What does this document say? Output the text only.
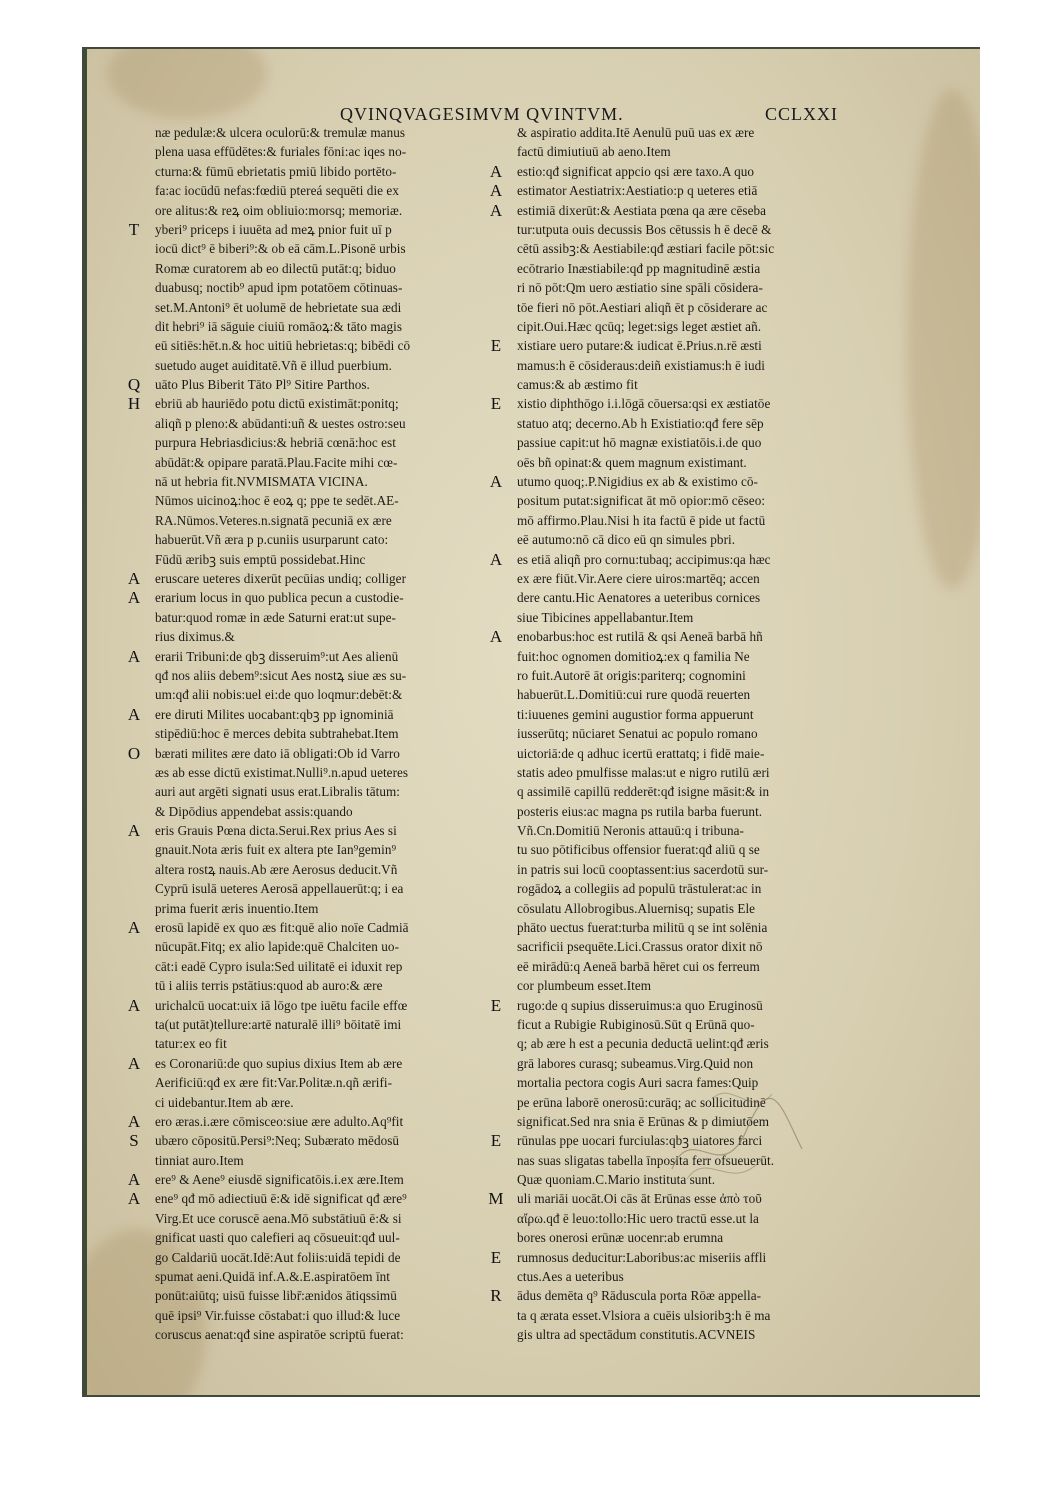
QVINQVAGESIMVM QVINTVM.	CCLXXI
næ pedulæ:& ulcera oculorū:& tremulæ manus
plena uasa effūdētes:& furiales fōni:ac iqes no-
cturna:& fūmū ebrietatis pmiū libido portēto-
fa:ac iocūdū nefas:fœdiū ptereá sequēti die ex
ore alitus:& reꝝ oim obliuio:morsq; memoriæ.
T	yberi⁹ priceps i iuuēta ad meꝝ pnior fuit uī p
iocū dict⁹ ē biberi⁹:& ob eā cām.L.Pisonē urbis
Romæ curatorem ab eo dilectū putāt:q; biduo
duabusq; noctib⁹ apud ipm potatōem cōtinuas-
set.M.Antoni⁹ ēt uolumē de hebrietate sua ædi
dit hebri⁹ iā sāguie ciuiū romāoꝝ:& tāto magis
eū sitiēs:hēt.n.& hoc uitiū hebrietas:q; bibēdi cō
suetudo auget auiditatē.Vñ ē illud puerbium.
Q	uāto Plus Biberit Tāto Pl⁹ Sitire Parthos.
H	ebriū ab hauriēdo potu dictū existimāt:ponitq;
aliqñ p pleno:& abūdanti:uñ & uestes ostro:seu
purpura Hebriasdicius:& hebriā cœnā:hoc est
abūdāt:& opipare paratā.Plau.Facite mihi cœ-
nā ut hebria fit.NVMISMATA VICINA.
Nūmos uicinoꝝ:hoc ē eoꝝ q; ppe te sedēt.AE-
RA.Nūmos.Veteres.n.signatā pecuniā ex ære
habuerūt.Vñ æra p p.cuniis usurparunt cato:
Fūdū æribꝫ suis emptū possidebat.Hinc
A	eruscare ueteres dixerūt pecūias undiq; colliger
A	erarium locus in quo publica pecun a custodie-
batur:quod romæ in æde Saturni erat:ut supe-
rius diximus.&
A	erarii Tribuni:de qbꝫ disseruim⁹:ut Aes alienū
qđ nos aliis debem⁹:sicut Aes nostꝝ siue æs su-
um:qđ alii nobis:uel ei:de quo loqmur:debēt:&
A	ere diruti Milites uocabant:qbꝫ pp ignominiā
stipēdiū:hoc ē merces debita subtrahebat.Item
O	bærati milites ære dato iā obligati:Ob id Varro
æs ab esse dictū existimat.Nulli⁹.n.apud ueteres
auri aut argēti signati usus erat.Libralis tātum:
& Dipōdius appendebat assis:quando
A	eris Grauis Pœna dicta.Serui.Rex prius Aes si
gnauit.Nota æris fuit ex altera pte Ian⁹gemin⁹
altera rostꝝ nauis.Ab ære Aerosus deducit.Vñ
Cyprū isulā ueteres Aerosā appellauerūt:q; i ea
prima fuerit æris inuentio.Item
A	erosū lapidē ex quo æs fit:quē alio noīe Cadmiā
nūcupāt.Fitq; ex alio lapide:quē Chalciten uo-
cāt:i eadē Cypro isula:Sed uilitatē ei iduxit rep
tū i aliis terris pstātius:quod ab auro:& ære
A	urichalcū uocat:uix iā lōgo tpe iuētu facile effœ
ta(ut putāt)tellure:artē naturalē illi⁹ bōitatē imi
tatur:ex eo fit
A	es Coronariū:de quo supius dixius Item ab ære
Aerificiū:qđ ex ære fit:Var.Politæ.n.qñ ærifi-
ci uidebantur.Item ab ære.
A	ero æras.i.ære cōmisceo:siue ære adulto.Aq⁹fit
S	ubæro cōpositū.Persi⁹:Neq; Subærato mēdosū
tinniat auro.Item
A	ere⁹ & Aene⁹ eiusdē significatōis.i.ex ære.Item
A	ene⁹ qđ mō adiectiuū ē:& idē significat qđ ære⁹
Virg.Et uce coruscē aena.Mō substātiuū ē:& si
gnificat uasti quo calefieri aq cōsueuit:qđ uul-
go Caldariū uocāt.Idē:Aut foliis:uidā tepidi de
spumat aeni.Quidā inf.A.&.E.aspiratōem īnt
ponūt:aiūtq; uisū fuisse libr̄:ænidos ātiqssimū
quē ipsi⁹ Vir.fuisse cōstabat:i quo illud:& luce
coruscus aenat:qđ sine aspiratōe scriptū fuerat:
& aspiratio addita.Itē Aenulū puū uas ex ære
factū dimiutiuū ab aeno.Item
A	estio:qđ significat appcio qsi ære taxo.A quo
A	estimator Aestiatrix:Aestiatio:p q ueteres etiā
A	estimiā dixerūt:& Aestiata pœna qa ære cēseba
tur:utputa ouis decussis Bos cētussis h ē decē &
cētū assibꝫ:& Aestiabile:qđ æstiari facile pōt:sic
ecōtrario Inæstiabile:qđ pp magnitudinē æstia
ri nō pōt:Qm uero æstiatio sine spāli cōsidera-
tōe fieri nō pōt.Aestiari aliqñ ēt p cōsiderare ac
cipit.Oui.Hæc qcūq; leget:sigs leget æstiet añ.
E	xistiare uero putare:& iudicat ē.Prius.n.rē æsti
mamus:h ē cōsideraus:deiñ existiamus:h ē iudi
camus:& ab æstimo fit
E	xistio diphthōgo i.i.lōgā cōuersa:qsi ex æstiatōe
statuo atq; decerno.Ab h Existiatio:qđ fere sēp
passiue capit:ut hō magnæ existiatōis.i.de quo
oēs bñ opinat:& quem magnum existimant.
A	utumo quoq;.P.Nigidius ex ab & existimo cō-
positum putat:significat āt mō opior:mō cēseo:
mō affirmo.Plau.Nisi h ita factū ē pide ut factū
eē autumo:nō cā dico eū qn simules pbri.
A	es etiā aliqñ pro cornu:tubaq; accipimus:qa hæc
ex ære fiūt.Vir.Aere ciere uiros:martēq; accen
dere cantu.Hic Aenatores a ueteribus cornices
siue Tibicines appellabantur.Item
A	enobarbus:hoc est rutilā & qsi Aeneā barbā hñ
fuit:hoc ognomen domitioꝝ:ex q familia Ne
ro fuit.Autorē āt origis:pariterq; cognomini
habuerūt.L.Domitiū:cui rure quodā reuerten
ti:iuuenes gemini augustior forma appuerunt
iusserūtq; nūciaret Senatui ac populo romano
uictoriā:de q adhuc icertū erattatq; i fidē maie-
statis adeo pmulfisse malas:ut e nigro rutilū æri
q assimilē capillū redderēt:qđ isigne māsit:& in
posteris eius:ac magna ps rutila barba fuerunt.
Vñ.Cn.Domitiū Neronis attauū:q i tribuna-
tu suo pōtificibus offensior fuerat:qđ aliū q se
in patris sui locū cooptassent:ius sacerdotū sur-
rogādoꝝ a collegiis ad populū trāstulerat:ac in
cōsulatu Allobrogibus.Aluernisq; supatis Ele
phāto uectus fuerat:turba militū q se int solēnia
sacrificii psequēte.Lici.Crassus orator dixit nō
eē mirādū:q Aeneā barbā hēret cui os ferreum
cor plumbeum esset.Item
E	rugo:de q supius disseruimus:a quo Eruginosū
ficut a Rubigie Rubiginosū.Sūt q Erūnā quo-
q; ab ære h est a pecunia deductā uelint:qđ æris
grā labores curasq; subeamus.Virg.Quid non
mortalia pectora cogis Auri sacra fames:Quip
pe erūna laborē onerosū:curāq; ac sollicitudinē
significat.Sed nra snia ē Erūnas & p dimiutōem
E	rūnulas ppe uocari furciulas:qbꝫ uiatores farci
nas suas sligatas tabella īnposita ferr ofsueuerūt.
Quæ quoniam.C.Mario instituta sunt.
M uli mariāi uocāt.Oi cās āt Erūnas esse ἀπὸ τοῦ
αἴρω.qđ ē leuo:tollo:Hic uero tractū esse.ut la
bores onerosi erūnæ uocenr:ab erumna
E	rumnosus deducitur:Laboribus:ac miseriis affli
ctus.Aes a ueteribus
R	ādus demēta q⁹ Rādusculа porta Rōæ appella-
ta q ærata esset.Vlsiora a cuēis ulsioribꝫ:h ē ma
gis ultra ad spectādum constitutis.ACVNEIS
